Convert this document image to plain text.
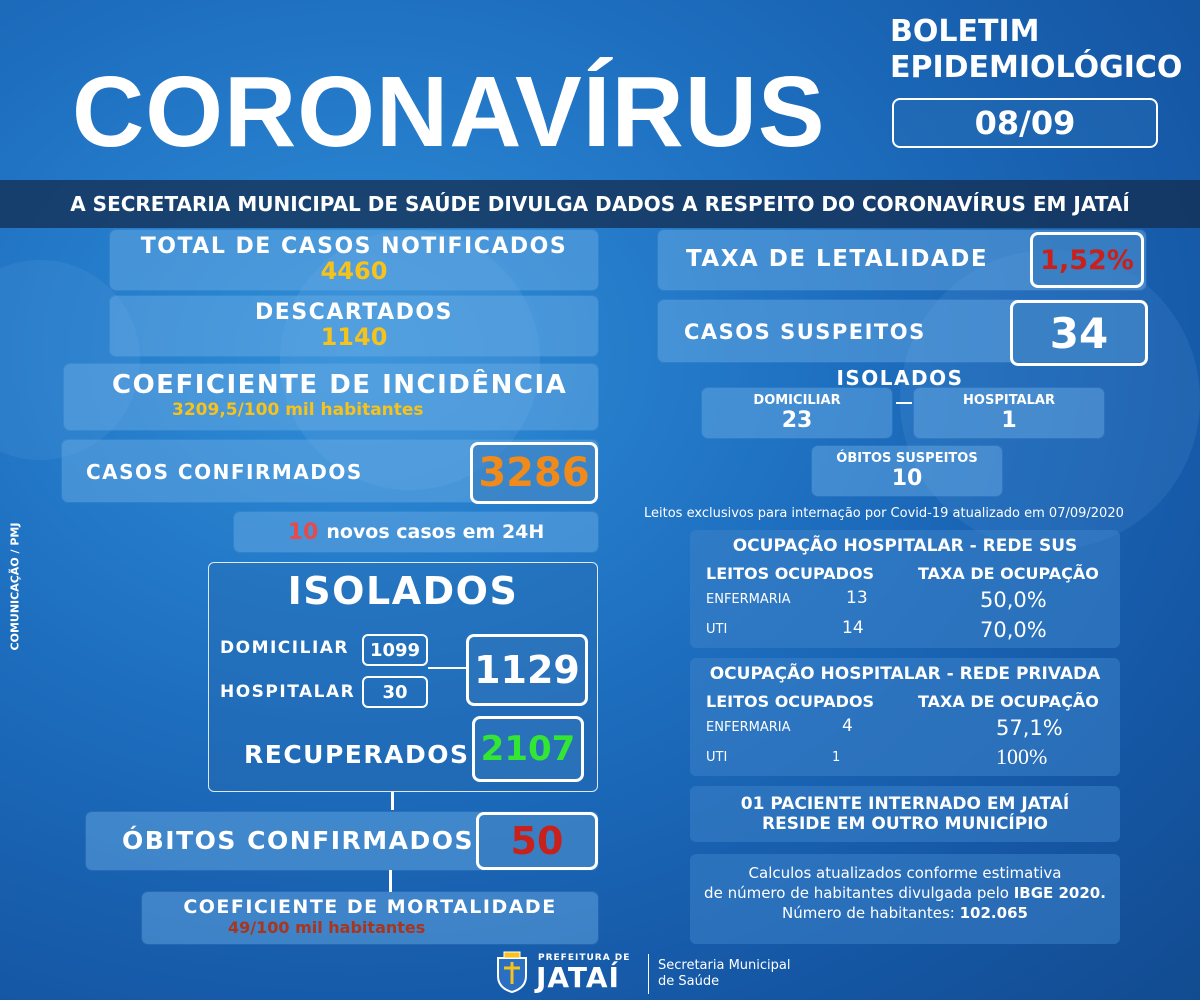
CORONAVÍRUS
BOLETIM
EPIDEMIOLÓGICO
08/09
A SECRETARIA MUNICIPAL DE SAÚDE DIVULGA DADOS A RESPEITO DO CORONAVÍRUS EM JATAÍ
COMUNICAÇÃO / PMJ
TOTAL DE CASOS NOTIFICADOS
4460
DESCARTADOS
1140
COEFICIENTE DE INCIDÊNCIA
3209,5/100 mil habitantes
CASOS CONFIRMADOS	3286
10 novos casos em 24H
ISOLADOS
DOMICILIAR 1099
HOSPITALAR 30 1129
RECUPERADOS 2107
ÓBITOS CONFIRMADOS 50
COEFICIENTE DE MORTALIDADE
49/100 mil habitantes
TAXA DE LETALIDADE 1,52%
CASOS SUSPEITOS	34
ISOLADOS
DOMICILIAR
23
HOSPITALAR
1
ÓBITOS SUSPEITOS
10
Leitos exclusivos para internação por Covid-19 atualizado em 07/09/2020
OCUPAÇÃO HOSPITALAR - REDE SUS
LEITOS OCUPADOS	TAXA DE OCUPAÇÃO
ENFERMARIA	13	50,0%
UTI	14	70,0%
OCUPAÇÃO HOSPITALAR - REDE PRIVADA
LEITOS OCUPADOS	TAXA DE OCUPAÇÃO
ENFERMARIA	4	57,1%
UTI	1	100%
01 PACIENTE INTERNADO EM JATAÍ
RESIDE EM OUTRO MUNICÍPIO
Calculos atualizados conforme estimativa
de número de habitantes divulgada pelo IBGE 2020.
Número de habitantes: 102.065
PREFEITURA DE
JATAÍ	Secretaria Municipal
de Saúde
